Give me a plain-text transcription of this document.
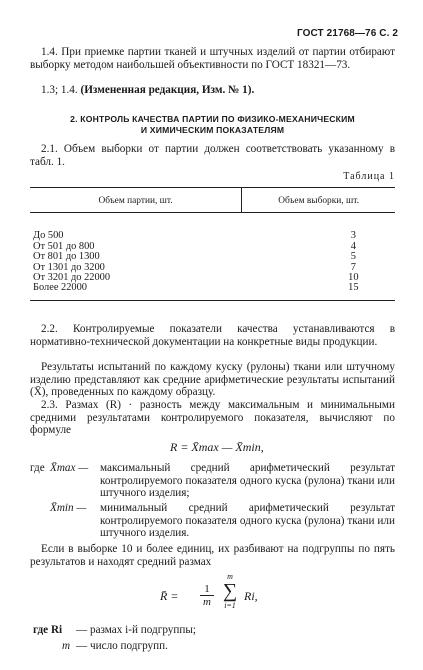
ГОСТ 21768—76 С. 2
1.4. При приемке партии тканей и штучных изделий от партии отбирают выборку методом наибольшей объективности по ГОСТ 18321—73.
1.3; 1.4. (Измененная редакция, Изм. № 1).
2. КОНТРОЛЬ КАЧЕСТВА ПАРТИИ ПО ФИЗИКО-МЕХАНИЧЕСКИМ
И ХИМИЧЕСКИМ ПОКАЗАТЕЛЯМ
2.1. Объем выборки от партии должен соответствовать указанному в табл. 1.
Таблица 1
Объем партии, шт.	Объем выборки, шт.
До 500	3
От 501 до 800	4
От 801 до 1300	5
От 1301 до 3200	7
От 3201 до 22000	10
Более 22000	15
2.2. Контролируемые показатели качества устанавливаются в нормативно-технической документации на конкретные виды продукции.
Результаты испытаний по каждому куску (рулоны) ткани или штучному изделию представляют как средние арифметические результаты испытаний (X̄), проведенных по каждому образцу.
2.3. Размах (R) · разность между максимальным и минимальными средними результатами контролируемого показателя, вычисляют по формуле
R = X̄max — X̄min,
где X̄max — максимальный средний арифметический результат контролируемого показателя одного куска (рулона) ткани или штучного изделия;
X̄min — минимальный средний арифметический результат контролируемого показателя одного куска (рулона) ткани или штучного изделия.
Если в выборке 10 и более единиц, их разбивают на подгруппы по пять результатов и находят средний размах
R̄ = $\frac{1}{m}$
m
∑
i=1
Ri,
где Ri — размах i-й подгруппы;
m — число подгрупп.
